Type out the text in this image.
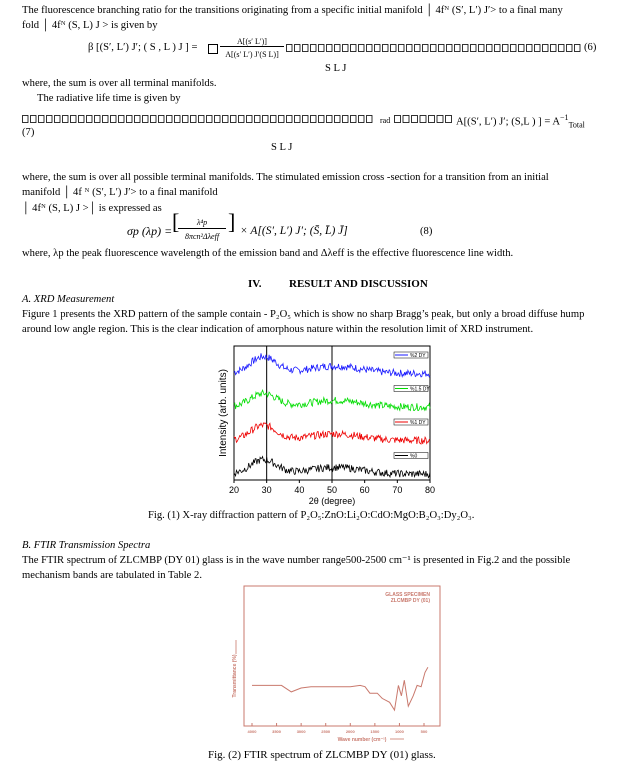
The fluorescence branching ratio for the transitions originating from a specific initial manifold │ 4fᴺ (S′, L′) J′> to a final many
fold │ 4fᴺ (S, L) J > is given by
β [(S′, L′) J′; ( S , L ) J ] =
A[(s′ L′)]
A[(s′ L′) J′(S L)]
(6)
S L J
where, the sum is over all terminal manifolds.
The radiative life time is given by
rad	A[(S′, L′) J′; (S,L ) ] = $A^{-1}_{Total}$
(7)
S L J
where, the sum is over all possible terminal manifolds. The stimulated emission cross -section for a transition from an initial
manifold │ 4f ᴺ (S′, L′) J′> to a final manifold
│ 4fᴺ (S, L) J >│ is expressed as
σp (λp) = [	λ⁴p
8πcn²Δλeff
] × A[(S′, L′) J′; (S̄, L̄) J̄]	(8)
where, λp the peak fluorescence wavelength of the emission band and Δλeff is the effective fluorescence line width.
IV. RESULT AND DISCUSSION
A. XRD Measurement
Figure 1 presents the XRD pattern of the sample contain - P₂O₅ which is show no sharp Bragg’s peak, but only a broad diffuse hump
around low angle region. This is the clear indication of amorphous nature within the resolution limit of XRD instrument.
20	30	40	50	60	70	80
2θ (degree)
Intensity (arb. units)
%2 DY
%1.5 DY
%1 DY
%0
Fig. (1) X-ray diffraction pattern of P₂O₅:ZnO:Li₂O:CdO:MgO:B₂O₃:Dy₂O₃.
B. FTIR Transmission Spectra
The FTIR spectrum of ZLCMBP (DY 01) glass is in the wave number range500-2500 cm⁻¹ is presented in Fig.2 and the possible
mechanism bands are tabulated in Table 2.
GLASS SPECIMEN
ZLCMBP DY (01)
4000	3500	3000	2500	2000	1500	1000	500
Wave number (cm⁻¹)
Transmittance (%)
Fig. (2) FTIR spectrum of ZLCMBP DY (01) glass.
